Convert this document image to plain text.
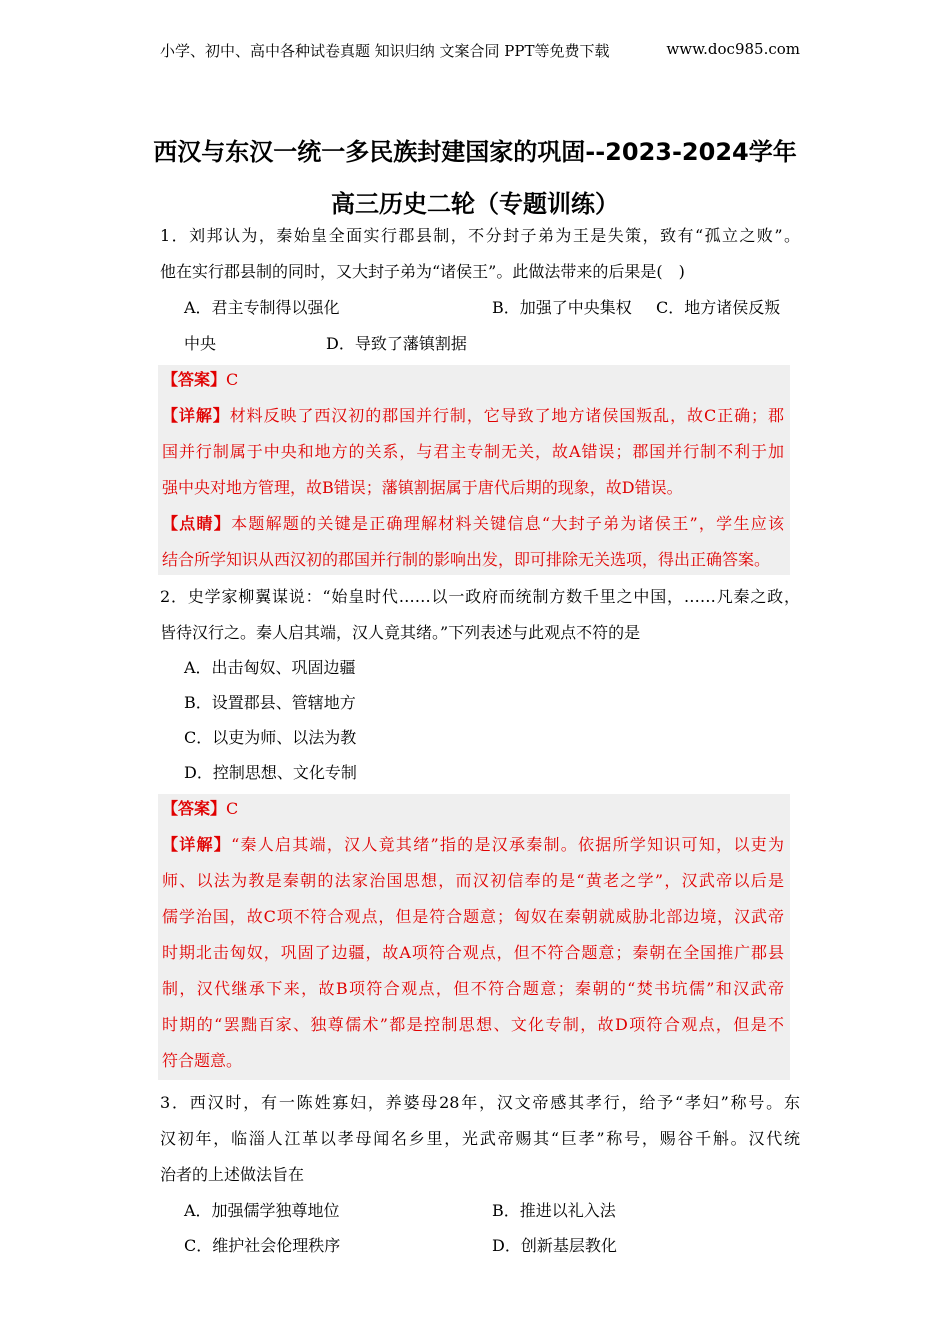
小学、初中、高中各种试卷真题 知识归纳 文案合同 PPT等免费下载	www.doc985.com
西汉与东汉一统一多民族封建国家的巩固--2023-2024学年
高三历史二轮（专题训练）
1．刘邦认为，秦始皇全面实行郡县制，不分封子弟为王是失策，致有“孤立之败”。
他在实行郡县制的同时，又大封子弟为“诸侯王”。此做法带来的后果是(　)
A．君主专制得以强化	B．加强了中央集权 C．地方诸侯反叛
中央	D．导致了藩镇割据
【答案】C
【详解】材料反映了西汉初的郡国并行制，它导致了地方诸侯国叛乱，故C正确；郡
国并行制属于中央和地方的关系，与君主专制无关，故A错误；郡国并行制不利于加
强中央对地方管理，故B错误；藩镇割据属于唐代后期的现象，故D错误。
【点睛】本题解题的关键是正确理解材料关键信息“大封子弟为诸侯王”，学生应该
结合所学知识从西汉初的郡国并行制的影响出发，即可排除无关选项，得出正确答案。
2．史学家柳翼谋说：“始皇时代……以一政府而统制方数千里之中国，……凡秦之政，
皆待汉行之。秦人启其端，汉人竟其绪。”下列表述与此观点不符的是
A．出击匈奴、巩固边疆
B．设置郡县、管辖地方
C．以吏为师、以法为教
D．控制思想、文化专制
【答案】C
【详解】“秦人启其端，汉人竟其绪”指的是汉承秦制。依据所学知识可知，以吏为
师、以法为教是秦朝的法家治国思想，而汉初信奉的是“黄老之学”，汉武帝以后是
儒学治国，故C项不符合观点，但是符合题意；匈奴在秦朝就威胁北部边境，汉武帝
时期北击匈奴，巩固了边疆，故A项符合观点，但不符合题意；秦朝在全国推广郡县
制，汉代继承下来，故B项符合观点，但不符合题意；秦朝的“焚书坑儒”和汉武帝
时期的“罢黜百家、独尊儒术”都是控制思想、文化专制，故D项符合观点，但是不
符合题意。
3．西汉时，有一陈姓寡妇，养婆母28年，汉文帝感其孝行，给予“孝妇”称号。东
汉初年，临淄人江革以孝母闻名乡里，光武帝赐其“巨孝”称号，赐谷千斛。汉代统
治者的上述做法旨在
A．加强儒学独尊地位	B．推进以礼入法
C．维护社会伦理秩序	D．创新基层教化
